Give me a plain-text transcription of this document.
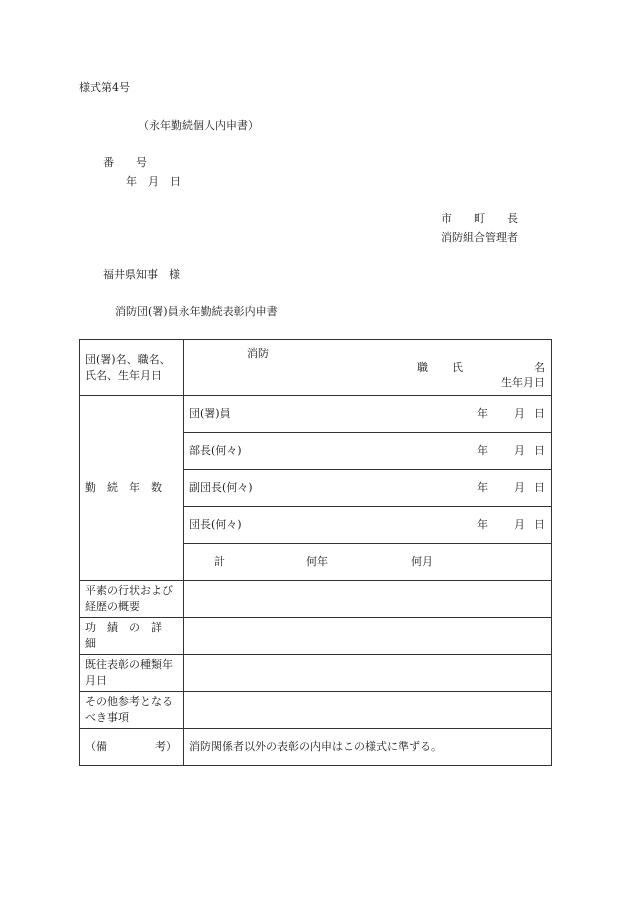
様式第4号
（永年勤続個人内申書）
番　　号
年　月　日
市　　町　　長
消防組合管理者
福井県知事　様
消防団(署)員永年勤続表彰内申書
団(署)名、職名、氏名、生年月日	消防
職 氏 名
生年月日

勤　続　年　数	団(署)員 年 月 日

	部長(何々) 年 月 日

	副団長(何々) 年 月 日

	団長(何々) 年 月 日

	計 何年 何月

平素の行状および経歴の概要	
功　績　の　詳　細	
既往表彰の種類年月日	
その他参考となるべき事項	

（備 考）	消防関係者以外の表彰の内申はこの様式に準ずる。
